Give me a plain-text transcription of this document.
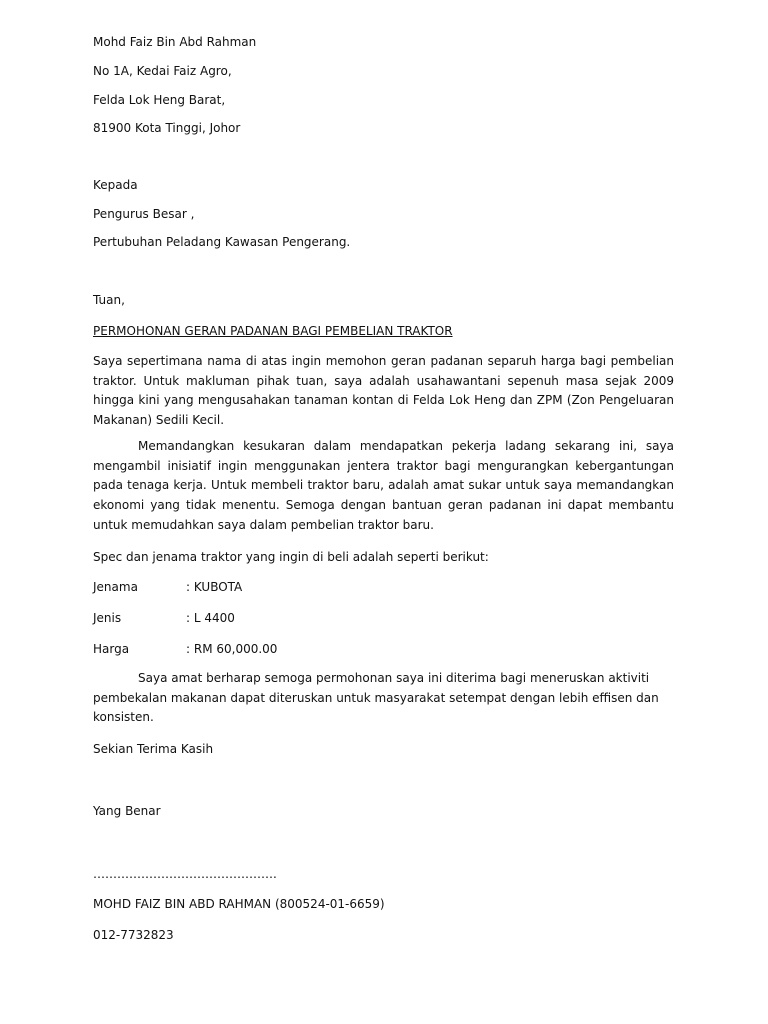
Mohd Faiz Bin Abd Rahman
No 1A, Kedai Faiz Agro,
Felda Lok Heng Barat,
81900 Kota Tinggi, Johor
Kepada
Pengurus Besar ,
Pertubuhan Peladang Kawasan Pengerang.
Tuan,
PERMOHONAN GERAN PADANAN BAGI PEMBELIAN TRAKTOR

Saya sepertimana nama di atas ingin memohon geran padanan separuh harga bagi pembelian traktor. Untuk makluman pihak tuan, saya adalah usahawantani sepenuh masa sejak 2009 hingga kini yang mengusahakan tanaman kontan di Felda Lok Heng dan ZPM (Zon Pengeluaran Makanan) Sedili Kecil.

Memandangkan kesukaran dalam mendapatkan pekerja ladang sekarang ini, saya mengambil inisiatif ingin menggunakan jentera traktor bagi mengurangkan kebergantungan pada tenaga kerja. Untuk membeli traktor baru, adalah amat sukar untuk saya memandangkan ekonomi yang tidak menentu. Semoga dengan bantuan geran padanan ini dapat membantu untuk memudahkan saya dalam pembelian traktor baru.

Spec dan jenama traktor yang ingin di beli adalah seperti berikut:
Jenama	: KUBOTA
Jenis	: L 4400
Harga	: RM 60,000.00

Saya amat berharap semoga permohonan saya ini diterima bagi meneruskan aktiviti pembekalan makanan dapat diteruskan untuk masyarakat setempat dengan lebih effisen dan konsisten.

Sekian Terima Kasih
Yang Benar
……………………………………….
MOHD FAIZ BIN ABD RAHMAN (800524-01-6659)
012-7732823
